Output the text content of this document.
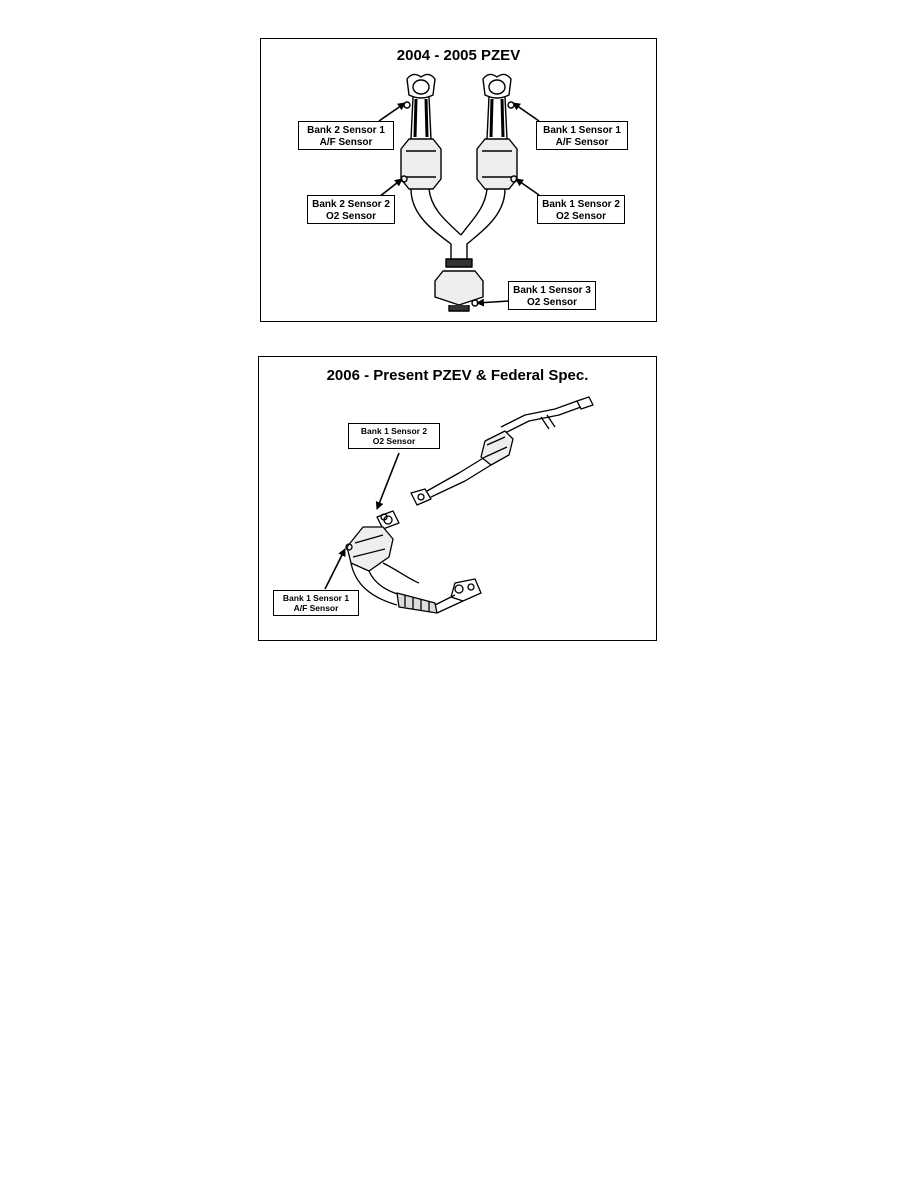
2004 - 2005 PZEV
Bank 2 Sensor 1
A/F Sensor
Bank 1 Sensor 1
A/F Sensor
Bank 2 Sensor 2
O2 Sensor
Bank 1 Sensor 2
O2 Sensor
Bank 1 Sensor 3
O2 Sensor
2006 - Present PZEV & Federal Spec.
Bank 1 Sensor 2
O2 Sensor
Bank 1 Sensor 1
A/F Sensor
